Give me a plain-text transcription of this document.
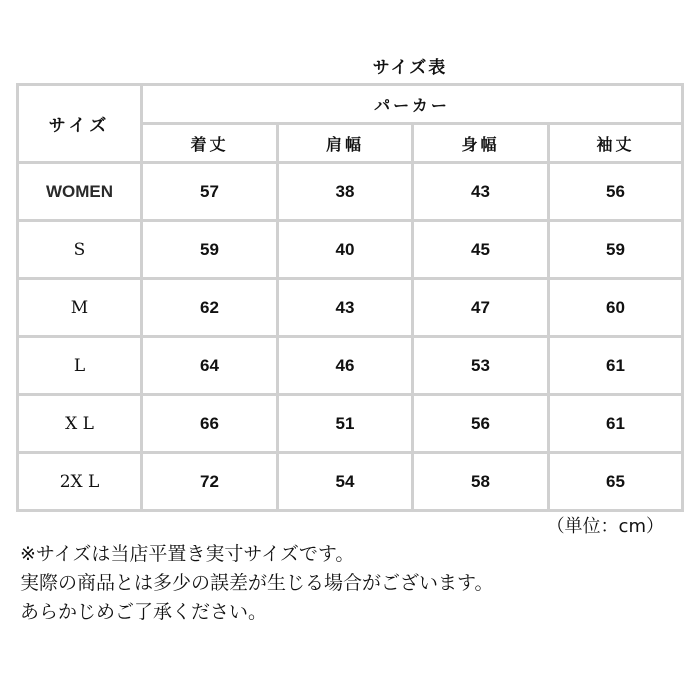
サイズ表
サイズ	パーカー			
	着丈	肩幅	身幅	袖丈
WOMEN	57	38	43	56
S	59	40	45	59
M	62	43	47	60
L	64	46	53	61
X L	66	51	56	61
2X L	72	54	58	65
（単位：cm）
※サイズは当店平置き実寸サイズです。
実際の商品とは多少の誤差が生じる場合がございます。
あらかじめご了承ください。
